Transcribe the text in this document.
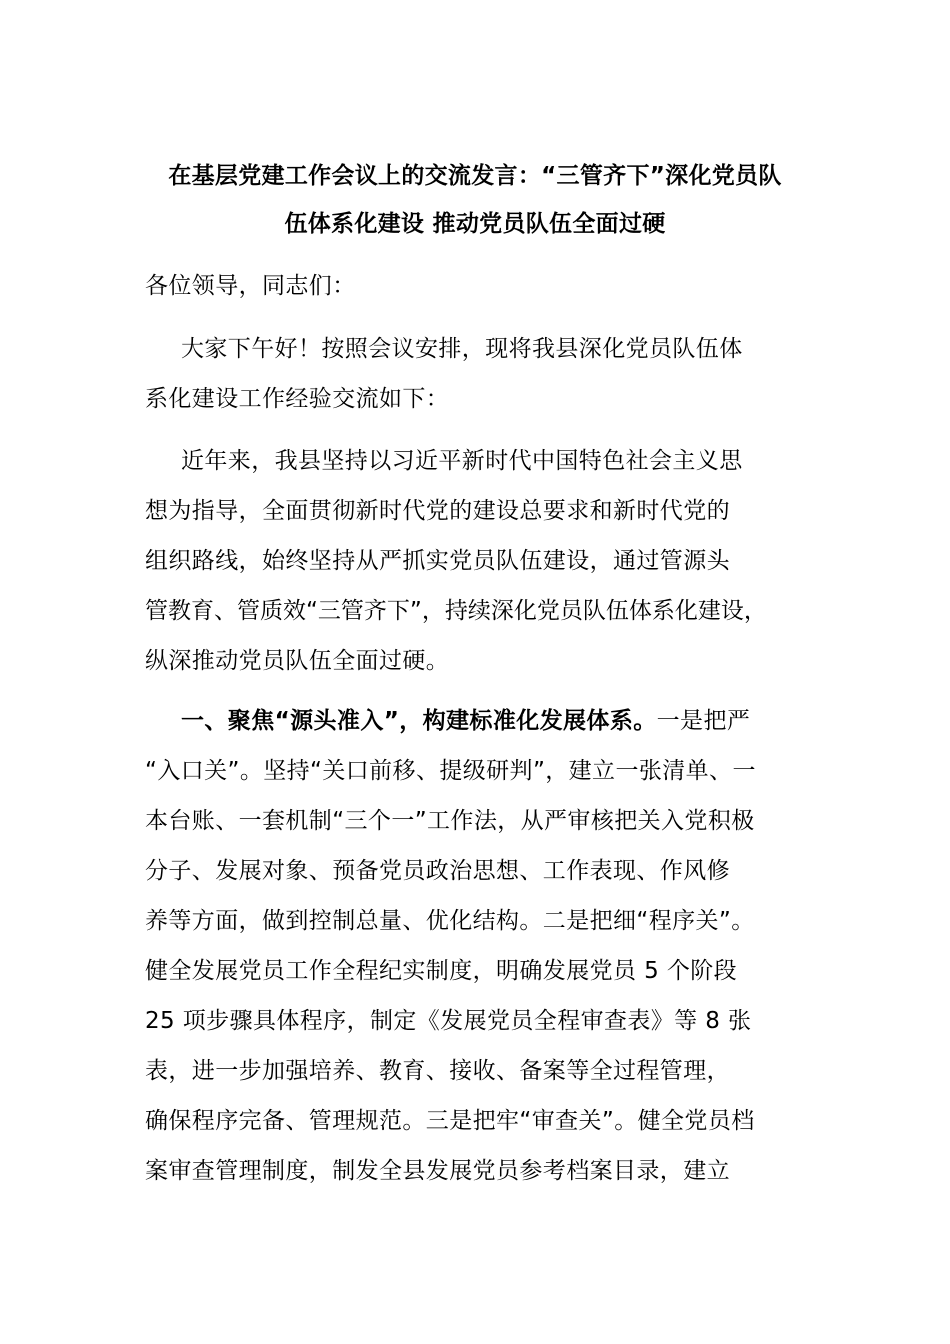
在基层党建工作会议上的交流发言：“三管齐下”深化党员队
伍体系化建设 推动党员队伍全面过硬
各位领导，同志们：
大家下午好！按照会议安排，现将我县深化党员队伍体
系化建设工作经验交流如下：
近年来，我县坚持以习近平新时代中国特色社会主义思
想为指导，全面贯彻新时代党的建设总要求和新时代党的
组织路线，始终坚持从严抓实党员队伍建设，通过管源头
管教育、管质效“三管齐下”，持续深化党员队伍体系化建设，
纵深推动党员队伍全面过硬。
一、聚焦“源头准入”，构建标准化发展体系。一是把严
“入口关”。坚持“关口前移、提级研判”，建立一张清单、一
本台账、一套机制“三个一”工作法，从严审核把关入党积极
分子、发展对象、预备党员政治思想、工作表现、作风修
养等方面，做到控制总量、优化结构。二是把细“程序关”。
健全发展党员工作全程纪实制度，明确发展党员 5 个阶段
25 项步骤具体程序，制定《发展党员全程审查表》等 8 张
表，进一步加强培养、教育、接收、备案等全过程管理，
确保程序完备、管理规范。三是把牢“审查关”。健全党员档
案审查管理制度，制发全县发展党员参考档案目录，建立
